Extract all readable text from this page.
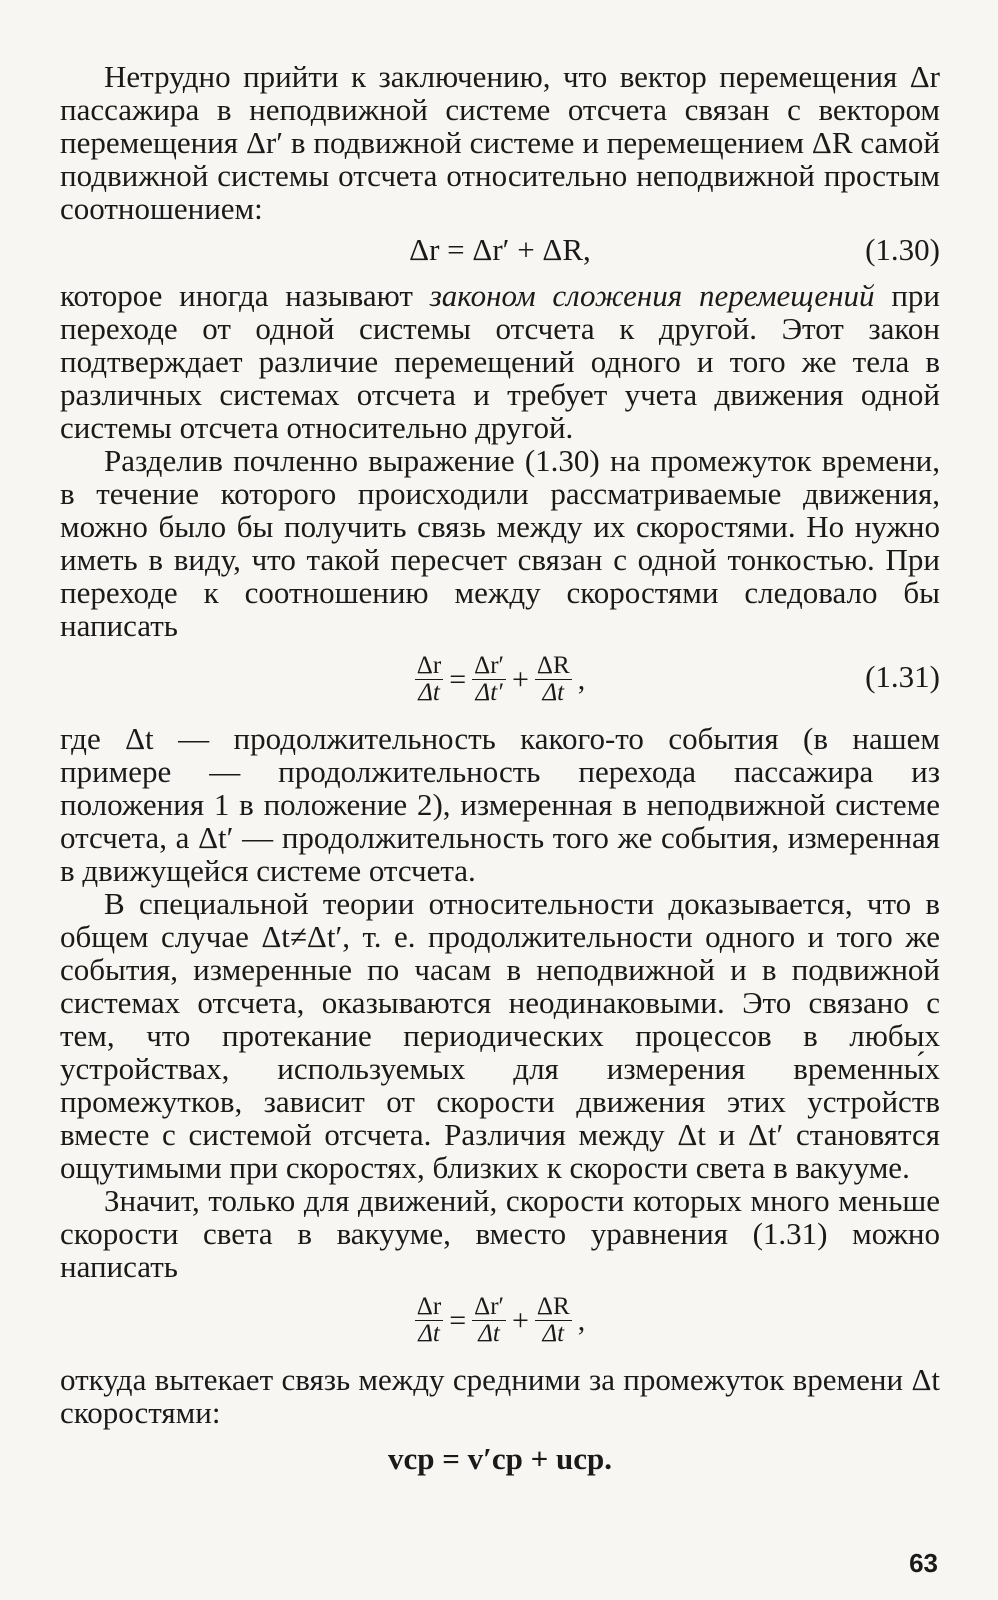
Нетрудно прийти к заключению, что вектор перемещения Δr пассажира в неподвижной системе отсчета связан с вектором перемещения Δr′ в подвижной системе и перемещением ΔR самой подвижной системы отсчета относительно неподвижной простым соотношением:

Δr = Δr′ + ΔR,	(1.30)

которое иногда называют законом сложения перемещений при переходе от одной системы отсчета к другой. Этот закон подтверждает различие перемещений одного и того же тела в различных системах отсчета и требует учета движения одной системы отсчета относительно другой.

Разделив почленно выражение (1.30) на промежуток времени, в течение которого происходили рассматриваемые движения, можно было бы получить связь между их скоростями. Но нужно иметь в виду, что такой пересчет связан с одной тонкостью. При переходе к соотношению между скоростями следовало бы написать

$\frac{\Delta r}{\Delta t} = \frac{\Delta r'}{\Delta t'} + \frac{\Delta R}{\Delta t}$ ,	(1.31)

где Δt — продолжительность какого-то события (в нашем примере — продолжительность перехода пассажира из положения 1 в положение 2), измеренная в неподвижной системе отсчета, а Δt′ — продолжительность того же события, измеренная в движущейся системе отсчета.

В специальной теории относительности доказывается, что в общем случае Δt≠Δt′, т. е. продолжительности одного и того же события, измеренные по часам в неподвижной и в подвижной системах отсчета, оказываются неодинаковыми. Это связано с тем, что протекание периодических процессов в любых устройствах, используемых для измерения временны́х промежутков, зависит от скорости движения этих устройств вместе с системой отсчета. Различия между Δt и Δt′ становятся ощутимыми при скоростях, близких к скорости света в вакууме.

Значит, только для движений, скорости которых много меньше скорости света в вакууме, вместо уравнения (1.31) можно написать

$\frac{\Delta r}{\Delta t} = \frac{\Delta r'}{\Delta t} + \frac{\Delta R}{\Delta t}$ ,

откуда вытекает связь между средними за промежуток времени Δt скоростями:

vср = v′ср + uср.
63
